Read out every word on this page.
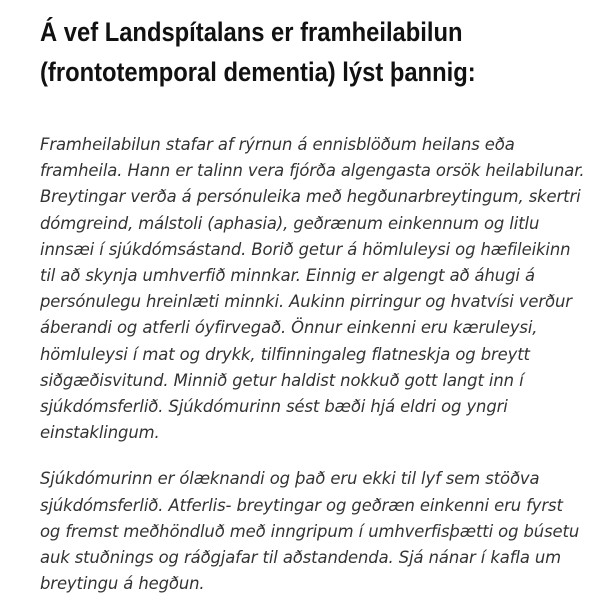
Á vef Landspítalans er framheilabilun (frontotemporal dementia) lýst þannig:

Framheilabilun stafar af rýrnun á ennisblöðum heilans eða framheila. Hann er talinn vera fjórða algengasta orsök heilabilunar. Breytingar verða á persónuleika með hegðunarbreytingum, skertri dómgreind, málstoli (aphasia), geðrænum einkennum og litlu innsæi í sjúkdómsástand. Borið getur á hömluleysi og hæfileikinn til að skynja umhverfið minnkar. Einnig er algengt að áhugi á persónulegu hreinlæti minnki. Aukinn pirringur og hvatvísi verður áberandi og atferli óyfirvegað. Önnur einkenni eru kæruleysi, hömluleysi í mat og drykk, tilfinningaleg flatneskja og breytt siðgæðisvitund. Minnið getur haldist nokkuð gott langt inn í sjúkdómsferlið. Sjúkdómurinn sést bæði hjá eldri og yngri einstaklingum.

Sjúkdómurinn er ólæknandi og það eru ekki til lyf sem stöðva sjúkdómsferlið. Atferlis- breytingar og geðræn einkenni eru fyrst og fremst meðhöndluð með inngripum í umhverfisþætti og búsetu auk stuðnings og ráðgjafar til aðstandenda. Sjá nánar í kafla um breytingu á hegðun.
